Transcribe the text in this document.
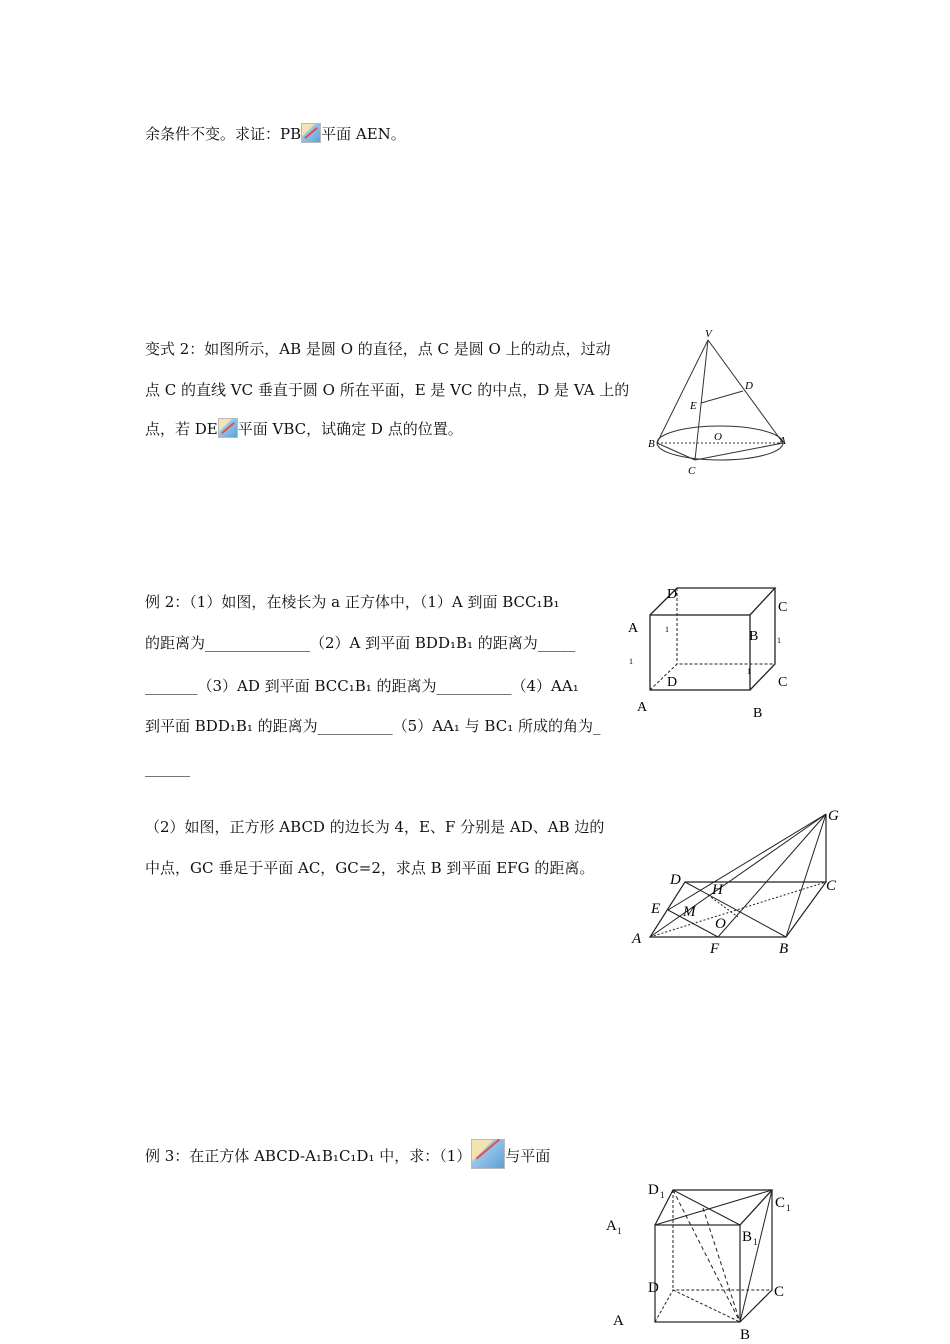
余条件不变。求证：PB 平面 AEN。
变式 2：如图所示，AB 是圆 O 的直径，点 C 是圆 O 上的动点，过动
点 C 的直线 VC 垂直于圆 O 所在平面，E 是 VC 的中点，D 是 VA 上的
点，若 DE 平面 VBC，试确定 D 点的位置。
V
D
E
B
O	A
C
例 2：（1）如图，在棱长为 a 正方体中，（1）A 到面 BCC₁B₁
的距离为______________（2）A 到平面 BDD₁B₁ 的距离为_____
_______（3）AD 到平面 BCC₁B₁ 的距离为__________（4）AA₁
到平面 BDD₁B₁ 的距离为__________（5）AA₁ 与 BC₁ 所成的角为_
______
D
1
A
1
B
1
C
1
D	C
A	B
（2）如图，正方形 ABCD 的边长为 4，E、F 分别是 AD、AB 边的
中点，GC 垂足于平面 AC，GC=2，求点 B 到平面 EFG 的距离。
G
D
H	C
E M
O
A
F	B
例 3：在正方体 ABCD-A₁B₁C₁D₁ 中，求：（1） 与平面
D 1	C 1
A 1	B 1
D	C
A
B
